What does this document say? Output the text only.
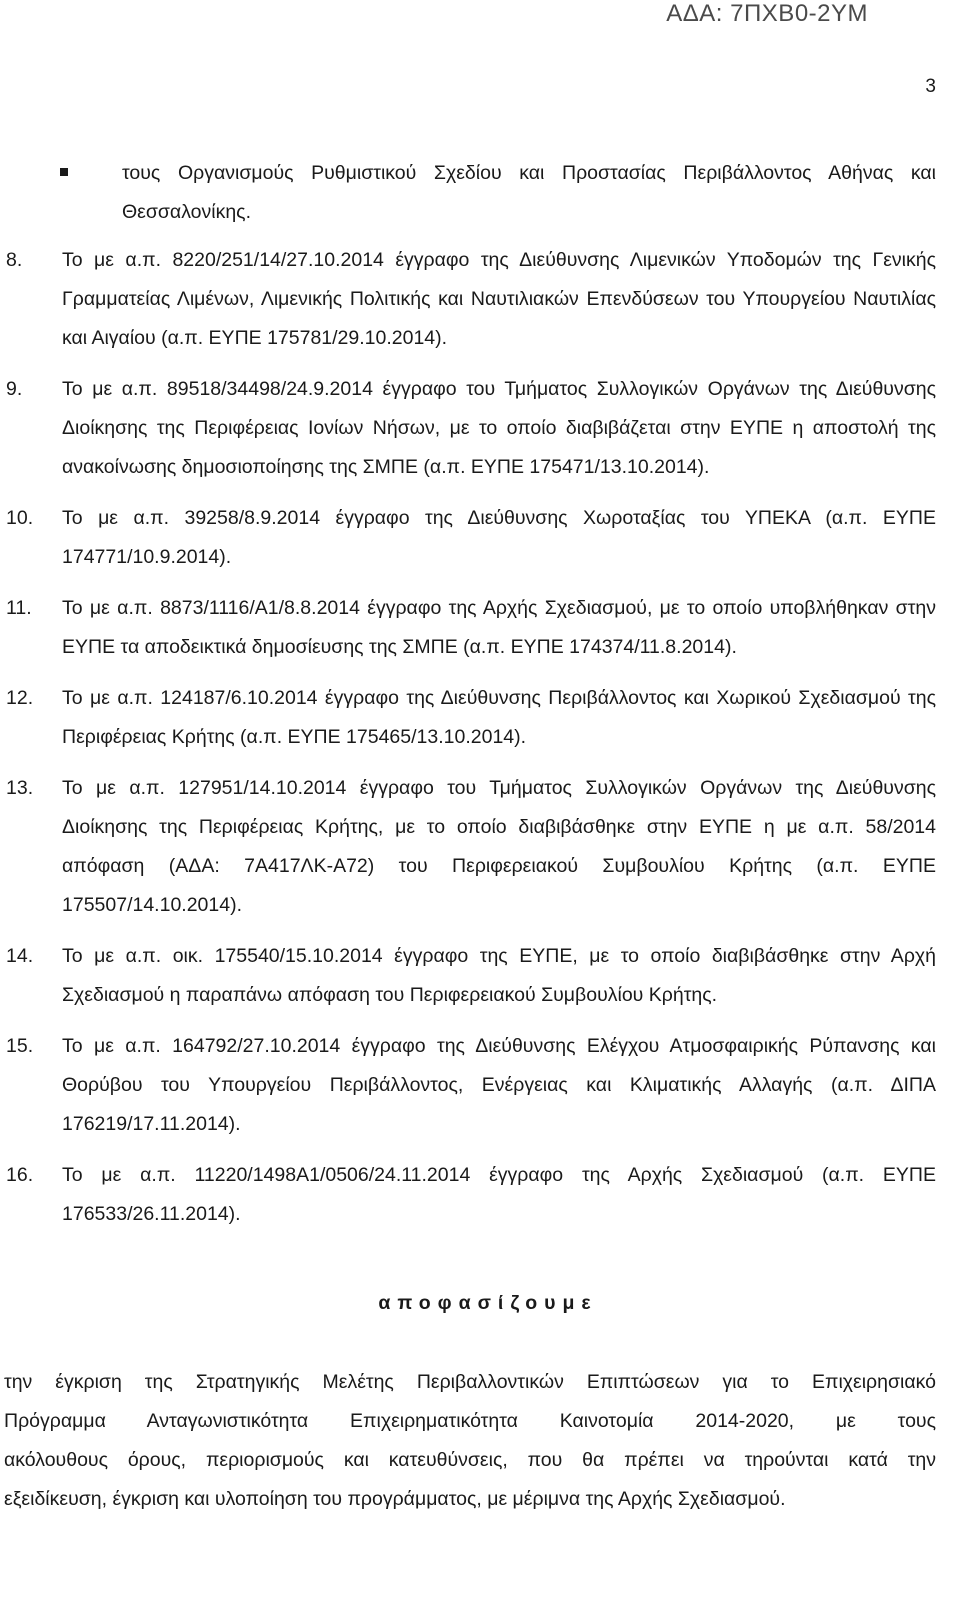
ΑΔΑ: 7ΠΧΒ0-2ΥΜ
3
τους Οργανισμούς Ρυθμιστικού Σχεδίου και Προστασίας Περιβάλλοντος Αθήνας και Θεσσαλονίκης.
8. Το με α.π. 8220/251/14/27.10.2014 έγγραφο της Διεύθυνσης Λιμενικών Υποδομών της Γενικής Γραμματείας Λιμένων, Λιμενικής Πολιτικής και Ναυτιλιακών Επενδύσεων του Υπουργείου Ναυτιλίας και Αιγαίου (α.π. ΕΥΠΕ 175781/29.10.2014).
9. Το με α.π. 89518/34498/24.9.2014 έγγραφο του Τμήματος Συλλογικών Οργάνων της Διεύθυνσης Διοίκησης της Περιφέρειας Ιονίων Νήσων, με το οποίο διαβιβάζεται στην ΕΥΠΕ η αποστολή της ανακοίνωσης δημοσιοποίησης της ΣΜΠΕ (α.π. ΕΥΠΕ 175471/13.10.2014).
10. Το με α.π. 39258/8.9.2014 έγγραφο της Διεύθυνσης Χωροταξίας του ΥΠΕΚΑ (α.π. ΕΥΠΕ 174771/10.9.2014).
11. Το με α.π. 8873/1116/Α1/8.8.2014 έγγραφο της Αρχής Σχεδιασμού, με το οποίο υποβλήθηκαν στην ΕΥΠΕ τα αποδεικτικά δημοσίευσης της ΣΜΠΕ (α.π. ΕΥΠΕ 174374/11.8.2014).
12. Το με α.π. 124187/6.10.2014 έγγραφο της Διεύθυνσης Περιβάλλοντος και Χωρικού Σχεδιασμού της Περιφέρειας Κρήτης (α.π. ΕΥΠΕ 175465/13.10.2014).
13. Το με α.π. 127951/14.10.2014 έγγραφο του Τμήματος Συλλογικών Οργάνων της Διεύθυνσης Διοίκησης της Περιφέρειας Κρήτης, με το οποίο διαβιβάσθηκε στην ΕΥΠΕ η με α.π. 58/2014 απόφαση (ΑΔΑ: 7Α417ΛΚ-Α72) του Περιφερειακού Συμβουλίου Κρήτης (α.π. ΕΥΠΕ 175507/14.10.2014).
14. Το με α.π. οικ. 175540/15.10.2014 έγγραφο της ΕΥΠΕ, με το οποίο διαβιβάσθηκε στην Αρχή Σχεδιασμού η παραπάνω απόφαση του Περιφερειακού Συμβουλίου Κρήτης.
15. Το με α.π. 164792/27.10.2014 έγγραφο της Διεύθυνσης Ελέγχου Ατμοσφαιρικής Ρύπανσης και Θορύβου του Υπουργείου Περιβάλλοντος, Ενέργειας και Κλιματικής Αλλαγής (α.π. ΔΙΠΑ 176219/17.11.2014).
16. Το με α.π. 11220/1498Α1/0506/24.11.2014 έγγραφο της Αρχής Σχεδιασμού (α.π. ΕΥΠΕ 176533/26.11.2014).
αποφασίζουμε
την έγκριση της Στρατηγικής Μελέτης Περιβαλλοντικών Επιπτώσεων για το Επιχειρησιακό
Πρόγραμμα Ανταγωνιστικότητα Επιχειρηματικότητα Καινοτομία 2014-2020, με τους
ακόλουθους όρους, περιορισμούς και κατευθύνσεις, που θα πρέπει να τηρούνται κατά την
εξειδίκευση, έγκριση και υλοποίηση του προγράμματος, με μέριμνα της Αρχής Σχεδιασμού.
